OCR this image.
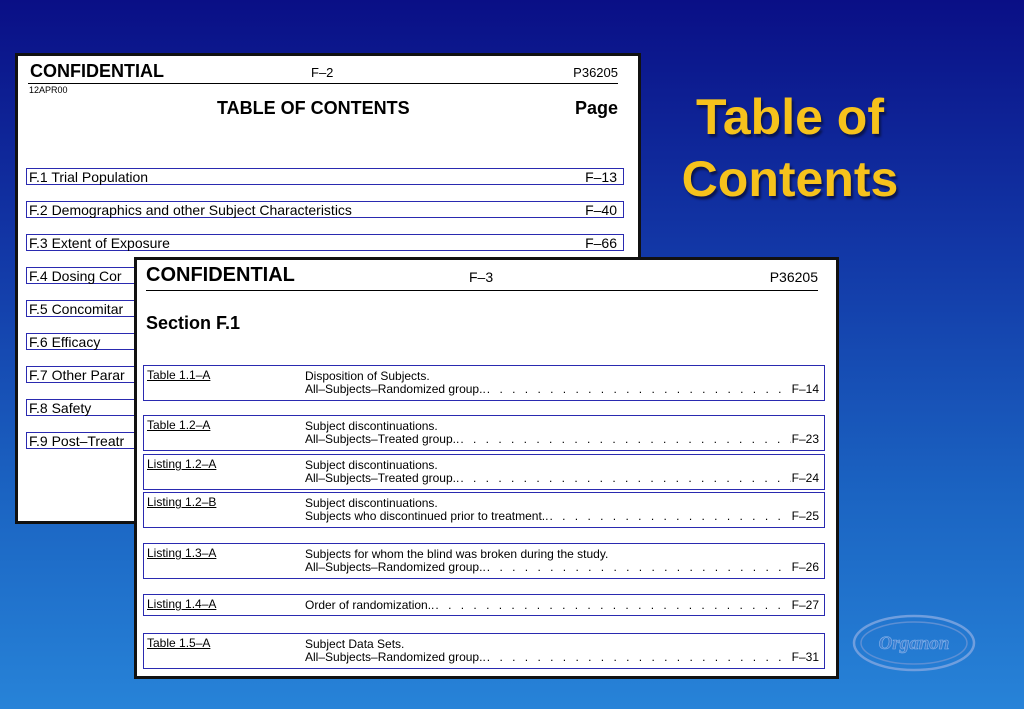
Table of
Contents
CONFIDENTIAL	F–2	P36205
12APR00
TABLE OF CONTENTS	Page
F.1 Trial Population	F–13
F.2 Demographics and other Subject Characteristics	F–40
F.3 Extent of Exposure	F–66
F.4 Dosing Cor
F.5 Concomitar
F.6 Efficacy
F.7 Other Parar
F.8 Safety
F.9 Post–Treatr
CONFIDENTIAL	F–3	P36205
Section F.1
Table 1.1–A	Disposition of Subjects.
All–Subjects–Randomized group.. . . .	F–14
Table 1.2–A	Subject discontinuations.
All–Subjects–Treated group.. . . .	F–23
Listing 1.2–A	Subject discontinuations.
All–Subjects–Treated group.. . . .	F–24
Listing 1.2–B	Subject discontinuations.
Subjects who discontinued prior to treatment.. . . .	F–25
Listing 1.3–A	Subjects for whom the blind was broken during the study.
All–Subjects–Randomized group.. . . .	F–26
Listing 1.4–A	Order of randomization.. . . .	F–27
Table 1.5–A	Subject Data Sets.
All–Subjects–Randomized group.. . . .	F–31
Organon
